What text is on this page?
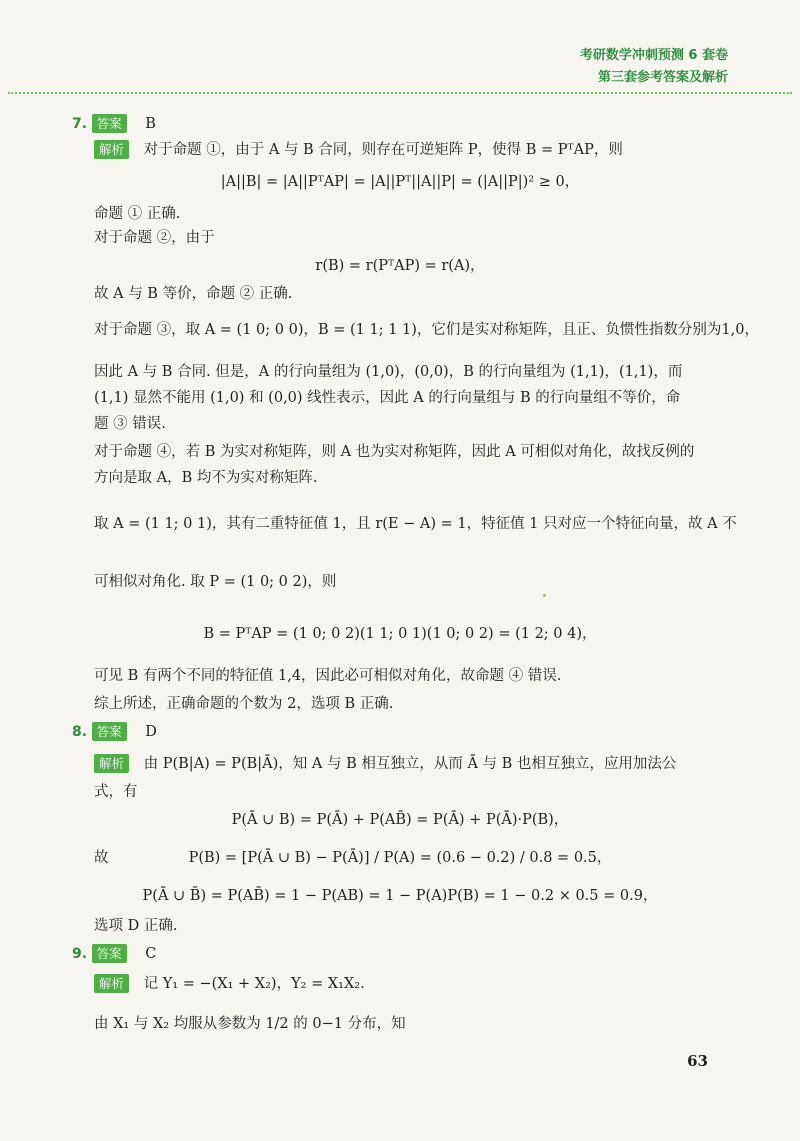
考研数学冲刺预测 6 套卷
第三套参考答案及解析
7. 答案 B
解析 对于命题 ①，由于 A 与 B 合同，则存在可逆矩阵 P，使得 B = PᵀAP，则
|A||B| = |A||PᵀAP| = |A||Pᵀ||A||P| = (|A||P|)² ≥ 0，
命题 ① 正确.
对于命题 ②，由于
r(B) = r(PᵀAP) = r(A)，
故 A 与 B 等价，命题 ② 正确.
对于命题 ③，取 A = (1 0; 0 0)，B = (1 1; 1 1)，它们是实对称矩阵，且正、负惯性指数分别为1,0，
因此 A 与 B 合同. 但是，A 的行向量组为 (1,0)，(0,0)，B 的行向量组为 (1,1)，(1,1)，而
(1,1) 显然不能用 (1,0) 和 (0,0) 线性表示，因此 A 的行向量组与 B 的行向量组不等价，命
题 ③ 错误.
对于命题 ④，若 B 为实对称矩阵，则 A 也为实对称矩阵，因此 A 可相似对角化，故找反例的
方向是取 A，B 均不为实对称矩阵.
取 A = (1 1; 0 1)，其有二重特征值 1，且 r(E − A) = 1，特征值 1 只对应一个特征向量，故 A 不
可相似对角化. 取 P = (1 0; 0 2)，则
B = PᵀAP = (1 0; 0 2)(1 1; 0 1)(1 0; 0 2) = (1 2; 0 4)，
可见 B 有两个不同的特征值 1,4，因此必可相似对角化，故命题 ④ 错误.
综上所述，正确命题的个数为 2，选项 B 正确.
8. 答案 D
解析 由 P(B|A) = P(B|Ā)，知 A 与 B 相互独立，从而 Ā 与 B 也相互独立，应用加法公
式，有
P(Ā ∪ B) = P(Ā) + P(AB̄) = P(Ā) + P(Ā)·P(B)，
故	P(B) = [P(Ā ∪ B) − P(Ā)] / P(A) = (0.6 − 0.2) / 0.8 = 0.5，
P(Ā ∪ B̄) = P(AB̄) = 1 − P(AB) = 1 − P(A)P(B) = 1 − 0.2 × 0.5 = 0.9，
选项 D 正确.
9. 答案 C
解析 记 Y₁ = −(X₁ + X₂)，Y₂ = X₁X₂.
由 X₁ 与 X₂ 均服从参数为 1/2 的 0−1 分布，知
63
